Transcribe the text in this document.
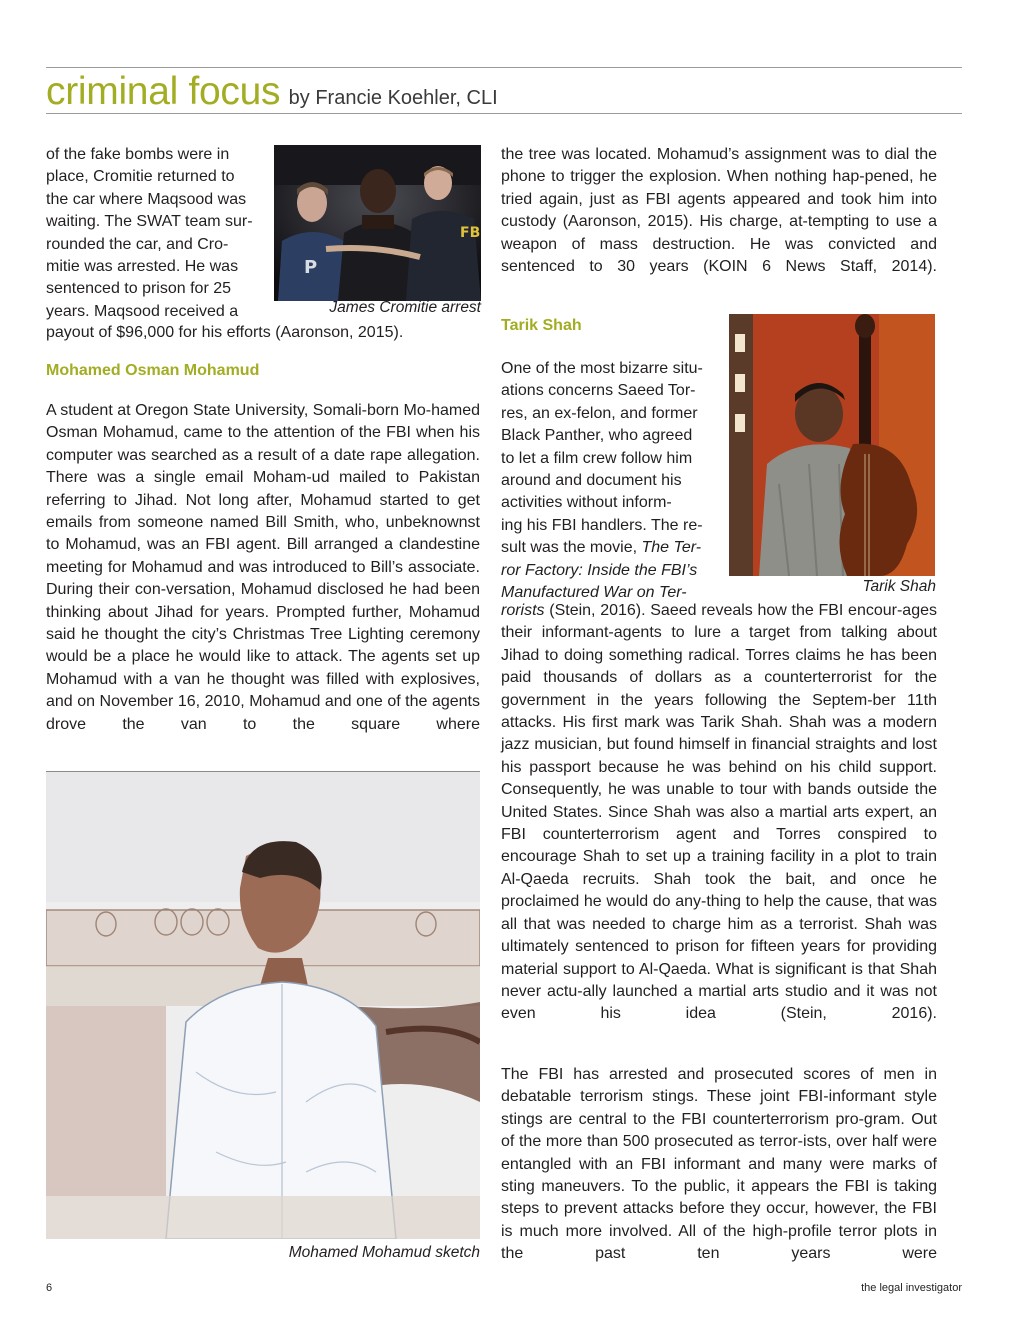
criminal focus by Francie Koehler, CLI
of the fake bombs were in
place, Cromitie returned to
the car where Maqsood was
waiting. The SWAT team sur-
rounded the car, and Cro-
mitie was arrested. He was
sentenced to prison for 25
years. Maqsood received a

payout of $96,000 for his efforts (Aaronson, 2015).

P
FB
James Cromitie arrest
Mohamed Osman Mohamud

A student at Oregon State University, Somali-born Mo-hamed Osman Mohamud, came to the attention of the FBI when his computer was searched as a result of a date rape allegation. There was a single email Moham-ud mailed to Pakistan referring to Jihad. Not long after, Mohamud started to get emails from someone named Bill Smith, who, unbeknownst to Mohamud, was an FBI agent. Bill arranged a clandestine meeting for Mohamud and was introduced to Bill’s associate. During their con-versation, Mohamud disclosed he had been thinking about Jihad for years. Prompted further, Mohamud said he thought the city’s Christmas Tree Lighting ceremony would be a place he would like to attack. The agents set up Mohamud with a van he thought was filled with explosives, and on November 16, 2010, Mohamud and one of the agents drove the van to the square where

Mohamed Mohamud sketch

the tree was located. Mohamud’s assignment was to dial the phone to trigger the explosion. When nothing hap-pened, he tried again, just as FBI agents appeared and took him into custody (Aaronson, 2015). His charge, at-tempting to use a weapon of mass destruction. He was convicted and sentenced to 30 years (KOIN 6 News Staff, 2014).

Tarik Shah
Tarik Shah
One of the most bizarre situ-
ations concerns Saeed Tor-
res, an ex-felon, and former
Black Panther, who agreed
to let a film crew follow him
around and document his
activities without inform-
ing his FBI handlers. The re-
sult was the movie, The Ter-
ror Factory: Inside the FBI’s
Manufactured War on Ter-

rorists (Stein, 2016). Saeed reveals how the FBI encour-ages their informant-agents to lure a target from talking about Jihad to doing something radical. Torres claims he has been paid thousands of dollars as a counterterrorist for the government in the years following the Septem-ber 11th attacks. His first mark was Tarik Shah. Shah was a modern jazz musician, but found himself in financial straights and lost his passport because he was behind on his child support. Consequently, he was unable to tour with bands outside the United States. Since Shah was also a martial arts expert, an FBI counterterrorism agent and Torres conspired to encourage Shah to set up a training facility in a plot to train Al-Qaeda recruits. Shah took the bait, and once he proclaimed he would do any-thing to help the cause, that was all that was needed to charge him as a terrorist. Shah was ultimately sentenced to prison for fifteen years for providing material support to Al-Qaeda. What is significant is that Shah never actu-ally launched a martial arts studio and it was not even his idea (Stein, 2016).

The FBI has arrested and prosecuted scores of men in debatable terrorism stings. These joint FBI-informant style stings are central to the FBI counterterrorism pro-gram. Out of the more than 500 prosecuted as terror-ists, over half were entangled with an FBI informant and many were marks of sting maneuvers. To the public, it appears the FBI is taking steps to prevent attacks before they occur, however, the FBI is much more involved. All of the high-profile terror plots in the past ten years were

6	the legal investigator
